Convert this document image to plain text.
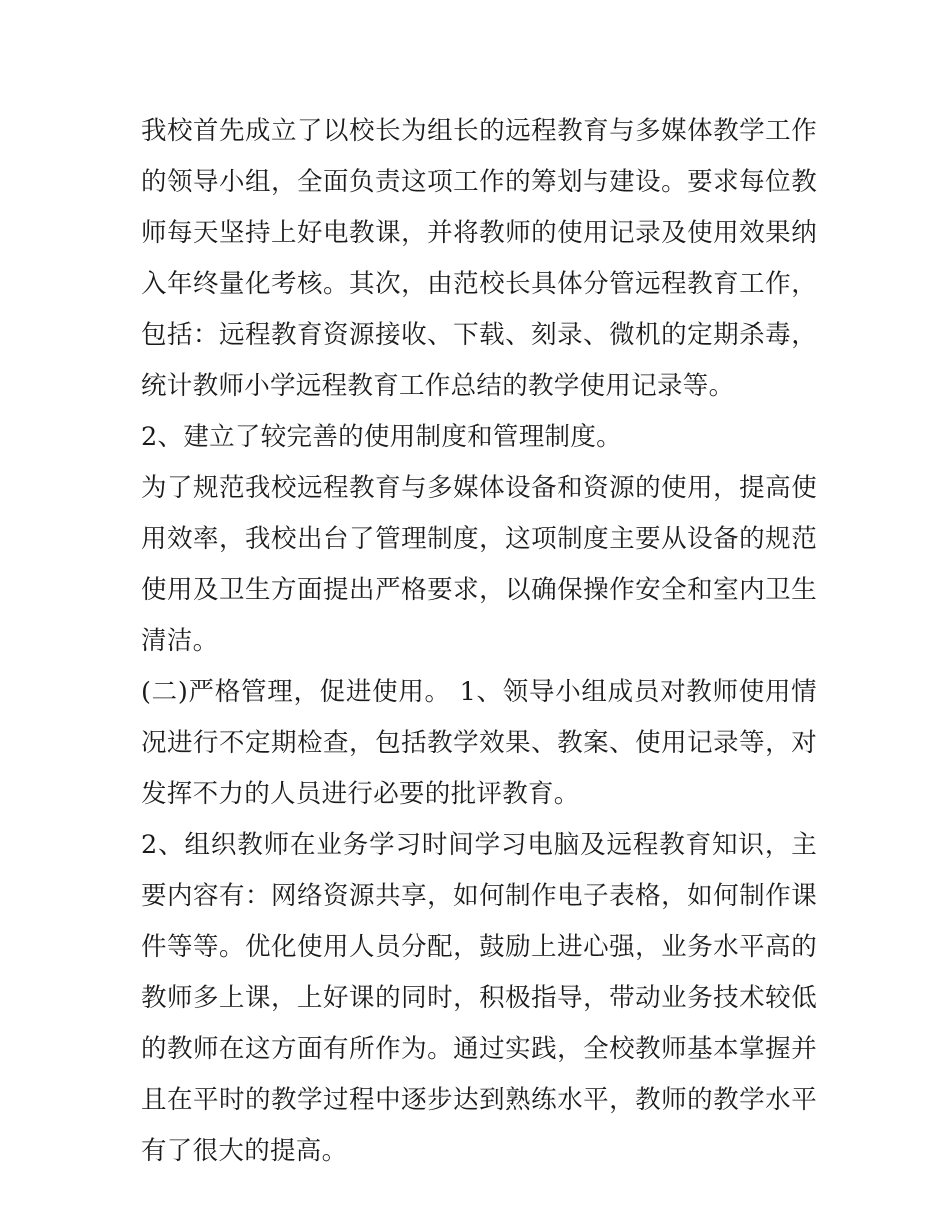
我校首先成立了以校长为组长的远程教育与多媒体教学工作的领导小组，全面负责这项工作的筹划与建设。要求每位教师每天坚持上好电教课，并将教师的使用记录及使用效果纳入年终量化考核。其次，由范校长具体分管远程教育工作，包括：远程教育资源接收、下载、刻录、微机的定期杀毒，统计教师小学远程教育工作总结的教学使用记录等。

2、建立了较完善的使用制度和管理制度。

为了规范我校远程教育与多媒体设备和资源的使用，提高使用效率，我校出台了管理制度，这项制度主要从设备的规范使用及卫生方面提出严格要求，以确保操作安全和室内卫生清洁。

(二)严格管理，促进使用。 1、领导小组成员对教师使用情况进行不定期检查，包括教学效果、教案、使用记录等，对发挥不力的人员进行必要的批评教育。

2、组织教师在业务学习时间学习电脑及远程教育知识，主要内容有：网络资源共享，如何制作电子表格，如何制作课件等等。优化使用人员分配，鼓励上进心强，业务水平高的教师多上课，上好课的同时，积极指导，带动业务技术较低的教师在这方面有所作为。通过实践，全校教师基本掌握并且在平时的教学过程中逐步达到熟练水平，教师的教学水平有了很大的提高。
